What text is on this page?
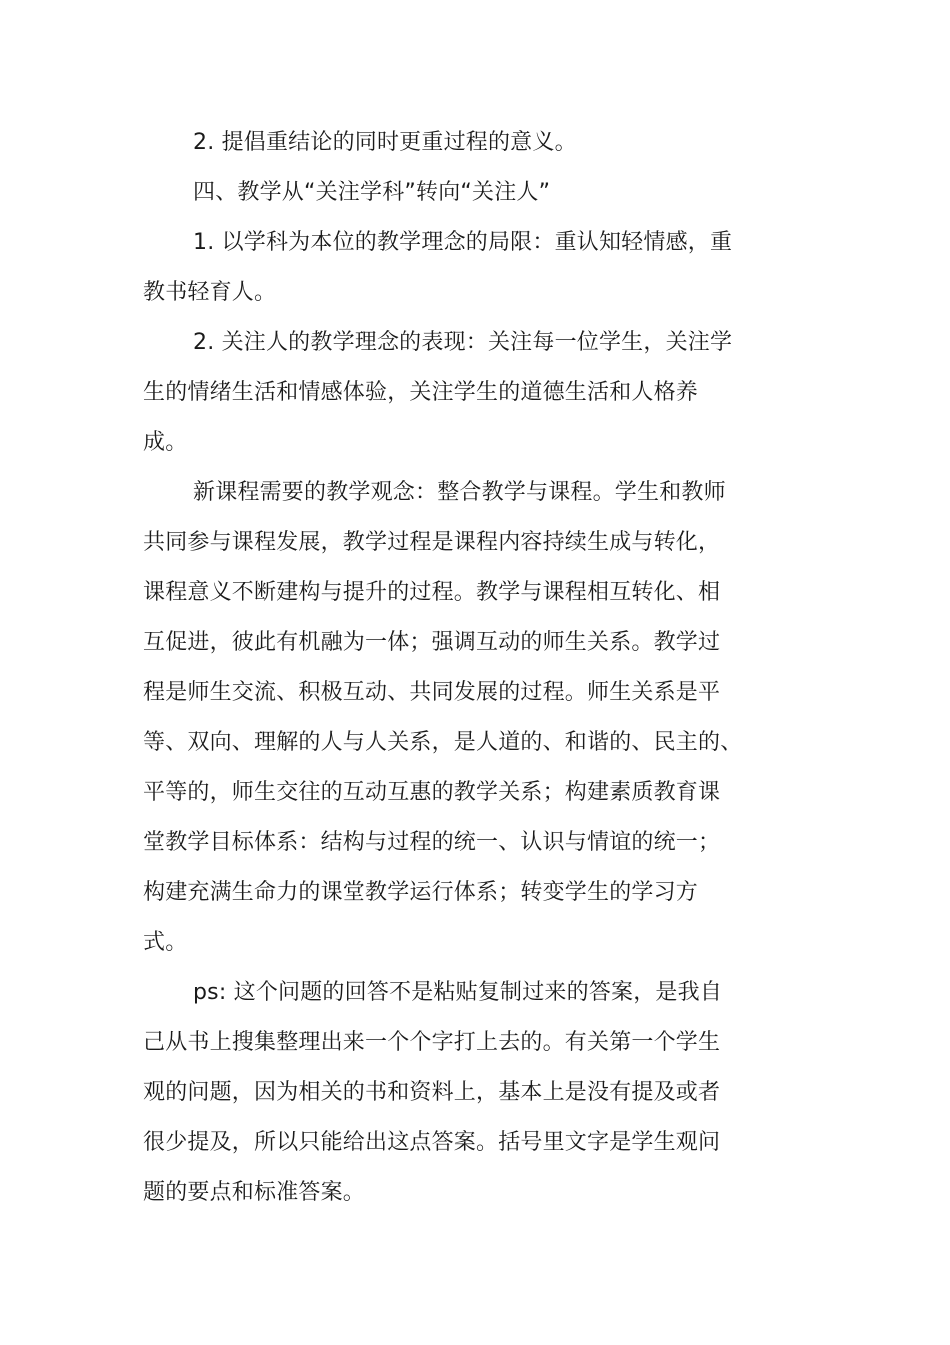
2. 提倡重结论的同时更重过程的意义。
四、教学从“关注学科”转向“关注人”
1. 以学科为本位的教学理念的局限：重认知轻情感，重
教书轻育人。
2. 关注人的教学理念的表现：关注每一位学生，关注学
生的情绪生活和情感体验，关注学生的道德生活和人格养
成。
新课程需要的教学观念：整合教学与课程。学生和教师
共同参与课程发展，教学过程是课程内容持续生成与转化，
课程意义不断建构与提升的过程。教学与课程相互转化、相
互促进，彼此有机融为一体；强调互动的师生关系。教学过
程是师生交流、积极互动、共同发展的过程。师生关系是平
等、双向、理解的人与人关系，是人道的、和谐的、民主的、
平等的，师生交往的互动互惠的教学关系；构建素质教育课
堂教学目标体系：结构与过程的统一、认识与情谊的统一；
构建充满生命力的课堂教学运行体系；转变学生的学习方
式。
ps: 这个问题的回答不是粘贴复制过来的答案，是我自
己从书上搜集整理出来一个个字打上去的。有关第一个学生
观的问题，因为相关的书和资料上，基本上是没有提及或者
很少提及，所以只能给出这点答案。括号里文字是学生观问
题的要点和标准答案。
